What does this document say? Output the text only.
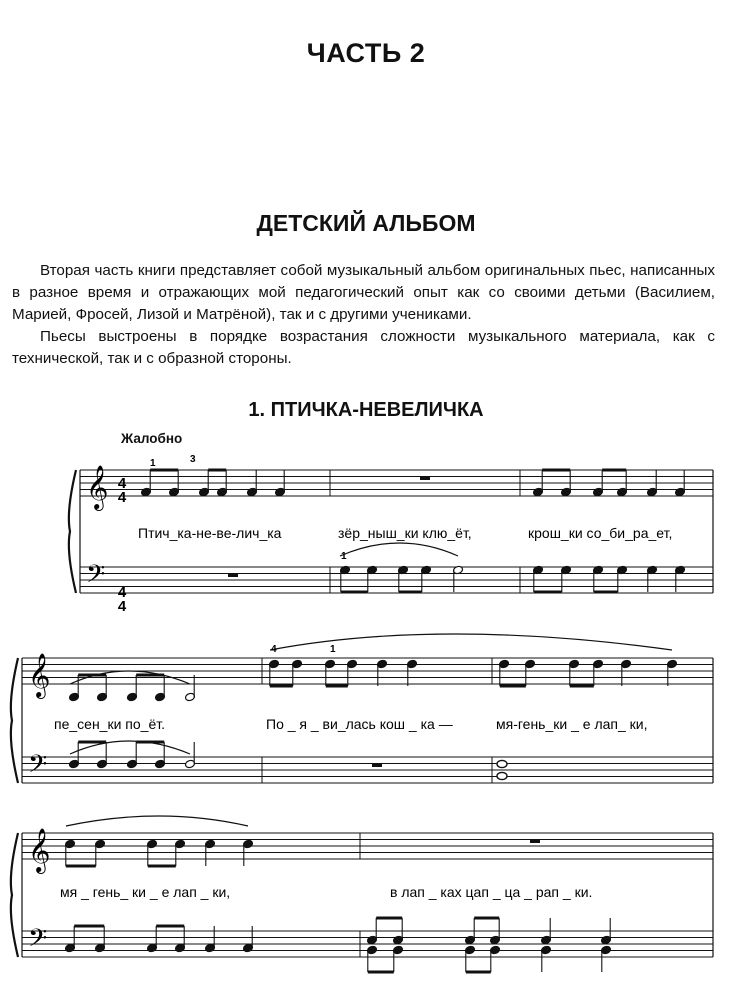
ЧАСТЬ 2
ДЕТСКИЙ АЛЬБОМ

Вторая часть книги представляет собой музыкальный альбом оригинальных пьес, написанных в разное время и отражающих мой педагогический опыт как со своими детьми (Василием, Марией, Фросей, Лизой и Матрёной), так и с другими учениками.

Пьесы выстроены в порядке возрастания сложности музыкального материала, как с технической, так и с образной стороны.

1. ПТИЧКА-НЕВЕЛИЧКА
Жалобно
𝄞
𝄢
𝄞
𝄢
𝄞
𝄢
4
4
4
4
1	3
1
4	1
Птич_ка-не-ве-лич_ка	зёр_ныш_ки клю_ёт,	крош_ки со_би_ра_ет,
пе_сен_ки по_ёт.	По _ я _ ви_лась кош _ ка —	мя-гень_ки _ е лап_ ки,
мя _ гень_ ки _ е лап _ ки,	в лап _ ках цап _ ца _ рап _ ки.
